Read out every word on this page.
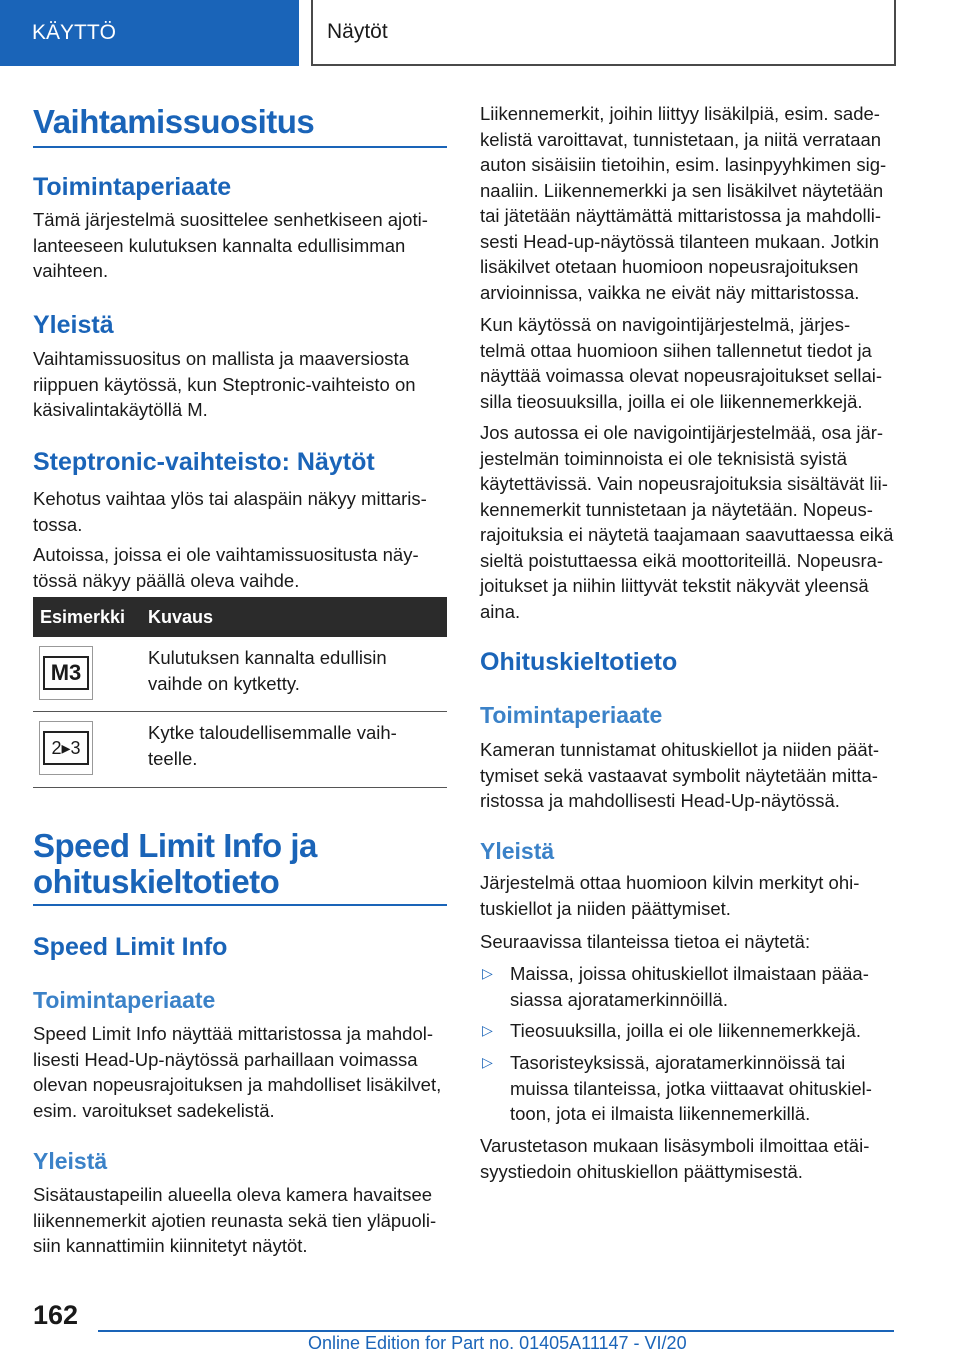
KÄYTTÖ	Näytöt
Vaihtamissuositus
Toimintaperiaate
Tämä järjestelmä suosittelee senhetkiseen ajoti-
lanteeseen kulutuksen kannalta edullisimman
vaihteen.
Yleistä
Vaihtamissuositus on mallista ja maaversiosta
riippuen käytössä, kun Steptronic-vaihteisto on
käsivalintakäytöllä M.
Steptronic-vaihteisto: Näytöt
Kehotus vaihtaa ylös tai alaspäin näkyy mittaris-
tossa.
Autoissa, joissa ei ole vaihtamissuositusta näy-
tössä näkyy päällä oleva vaihde.
Esimerkki Kuvaus
M3
Kulutuksen kannalta edullisin
vaihde on kytketty.
2▸3
Kytke taloudellisemmalle vaih-
teelle.
Speed Limit Info ja
ohituskieltotieto
Speed Limit Info
Toimintaperiaate
Speed Limit Info näyttää mittaristossa ja mahdol-
lisesti Head-Up-näytössä parhaillaan voimassa
olevan nopeusrajoituksen ja mahdolliset lisäkilvet,
esim. varoitukset sadekelistä.
Yleistä
Sisätaustapeilin alueella oleva kamera havaitsee
liikennemerkit ajotien reunasta sekä tien yläpuoli-
siin kannattimiin kiinnitetyt näytöt.
Liikennemerkit, joihin liittyy lisäkilpiä, esim. sade-
kelistä varoittavat, tunnistetaan, ja niitä verrataan
auton sisäisiin tietoihin, esim. lasinpyyhkimen sig-
naaliin. Liikennemerkki ja sen lisäkilvet näytetään
tai jätetään näyttämättä mittaristossa ja mahdolli-
sesti Head-up-näytössä tilanteen mukaan. Jotkin
lisäkilvet otetaan huomioon nopeusrajoituksen
arvioinnissa, vaikka ne eivät näy mittaristossa.
Kun käytössä on navigointijärjestelmä, järjes-
telmä ottaa huomioon siihen tallennetut tiedot ja
näyttää voimassa olevat nopeusrajoitukset sellai-
silla tieosuuksilla, joilla ei ole liikennemerkkejä.
Jos autossa ei ole navigointijärjestelmää, osa jär-
jestelmän toiminnoista ei ole teknisistä syistä
käytettävissä. Vain nopeusrajoituksia sisältävät lii-
kennemerkit tunnistetaan ja näytetään. Nopeus-
rajoituksia ei näytetä taajamaan saavuttaessa eikä
sieltä poistuttaessa eikä moottoriteillä. Nopeusra-
joitukset ja niihin liittyvät tekstit näkyvät yleensä
aina.
Ohituskieltotieto
Toimintaperiaate
Kameran tunnistamat ohituskiellot ja niiden päät-
tymiset sekä vastaavat symbolit näytetään mitta-
ristossa ja mahdollisesti Head-Up-näytössä.
Yleistä
Järjestelmä ottaa huomioon kilvin merkityt ohi-
tuskiellot ja niiden päättymiset.
Seuraavissa tilanteissa tietoa ei näytetä:
▷ Maissa, joissa ohituskiellot ilmaistaan pääa-
siassa ajoratamerkinnöillä.
▷ Tieosuuksilla, joilla ei ole liikennemerkkejä.
▷ Tasoristeyksissä, ajoratamerkinnöissä tai
muissa tilanteissa, jotka viittaavat ohituskiel-
toon, jota ei ilmaista liikennemerkillä.
Varustetason mukaan lisäsymboli ilmoittaa etäi-
syystiedoin ohituskiellon päättymisestä.
162
Online Edition for Part no. 01405A11147 - VI/20
